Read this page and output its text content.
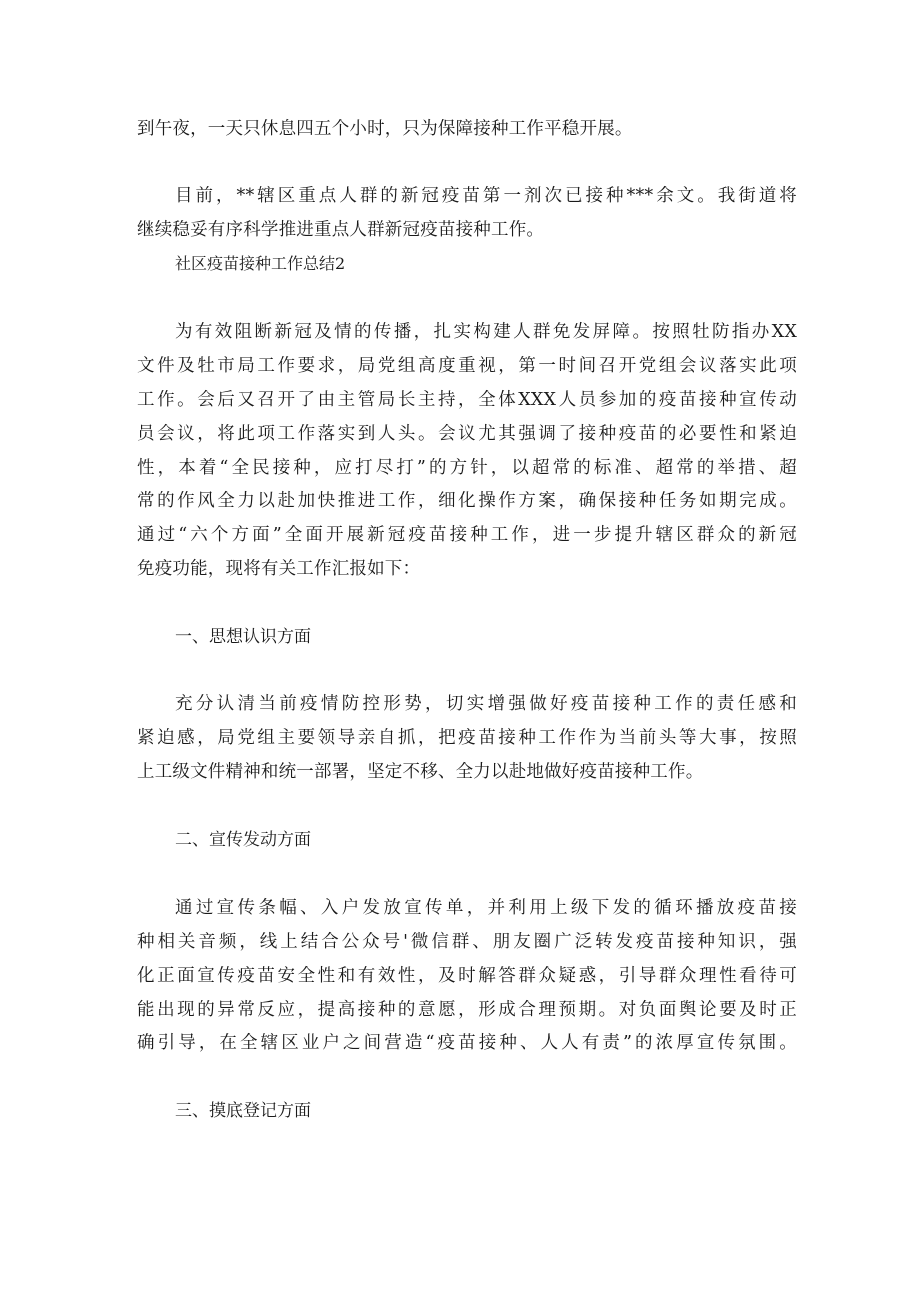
到午夜，一天只休息四五个小时，只为保障接种工作平稳开展。
目前，**辖区重点人群的新冠疫苗第一剂次已接种***余文。我街道将
继续稳妥有序科学推进重点人群新冠疫苗接种工作。
社区疫苗接种工作总结2
为有效阻断新冠及情的传播，扎实构建人群免发屏障。按照牡防指办XX
文件及牡市局工作要求，局党组高度重视，第一时间召开党组会议落实此项
工作。会后又召开了由主管局长主持，全体XXX人员参加的疫苗接种宣传动
员会议，将此项工作落实到人头。会议尤其强调了接种疫苗的必要性和紧迫
性，本着“全民接种，应打尽打”的方针，以超常的标准、超常的举措、超
常的作风全力以赴加快推进工作，细化操作方案，确保接种任务如期完成。
通过“六个方面”全面开展新冠疫苗接种工作，进一步提升辖区群众的新冠
免疫功能，现将有关工作汇报如下：
一、思想认识方面
充分认清当前疫情防控形势，切实增强做好疫苗接种工作的责任感和
紧迫感，局党组主要领导亲自抓，把疫苗接种工作作为当前头等大事，按照
上工级文件精神和统一部署，坚定不移、全力以赴地做好疫苗接种工作。
二、宣传发动方面
通过宣传条幅、入户发放宣传单，并利用上级下发的循环播放疫苗接
种相关音频，线上结合公众号'微信群、朋友圈广泛转发疫苗接种知识，强
化正面宣传疫苗安全性和有效性，及时解答群众疑惑，引导群众理性看待可
能出现的异常反应，提高接种的意愿，形成合理预期。对负面舆论要及时正
确引导，在全辖区业户之间营造“疫苗接种、人人有责”的浓厚宣传氛围。
三、摸底登记方面
